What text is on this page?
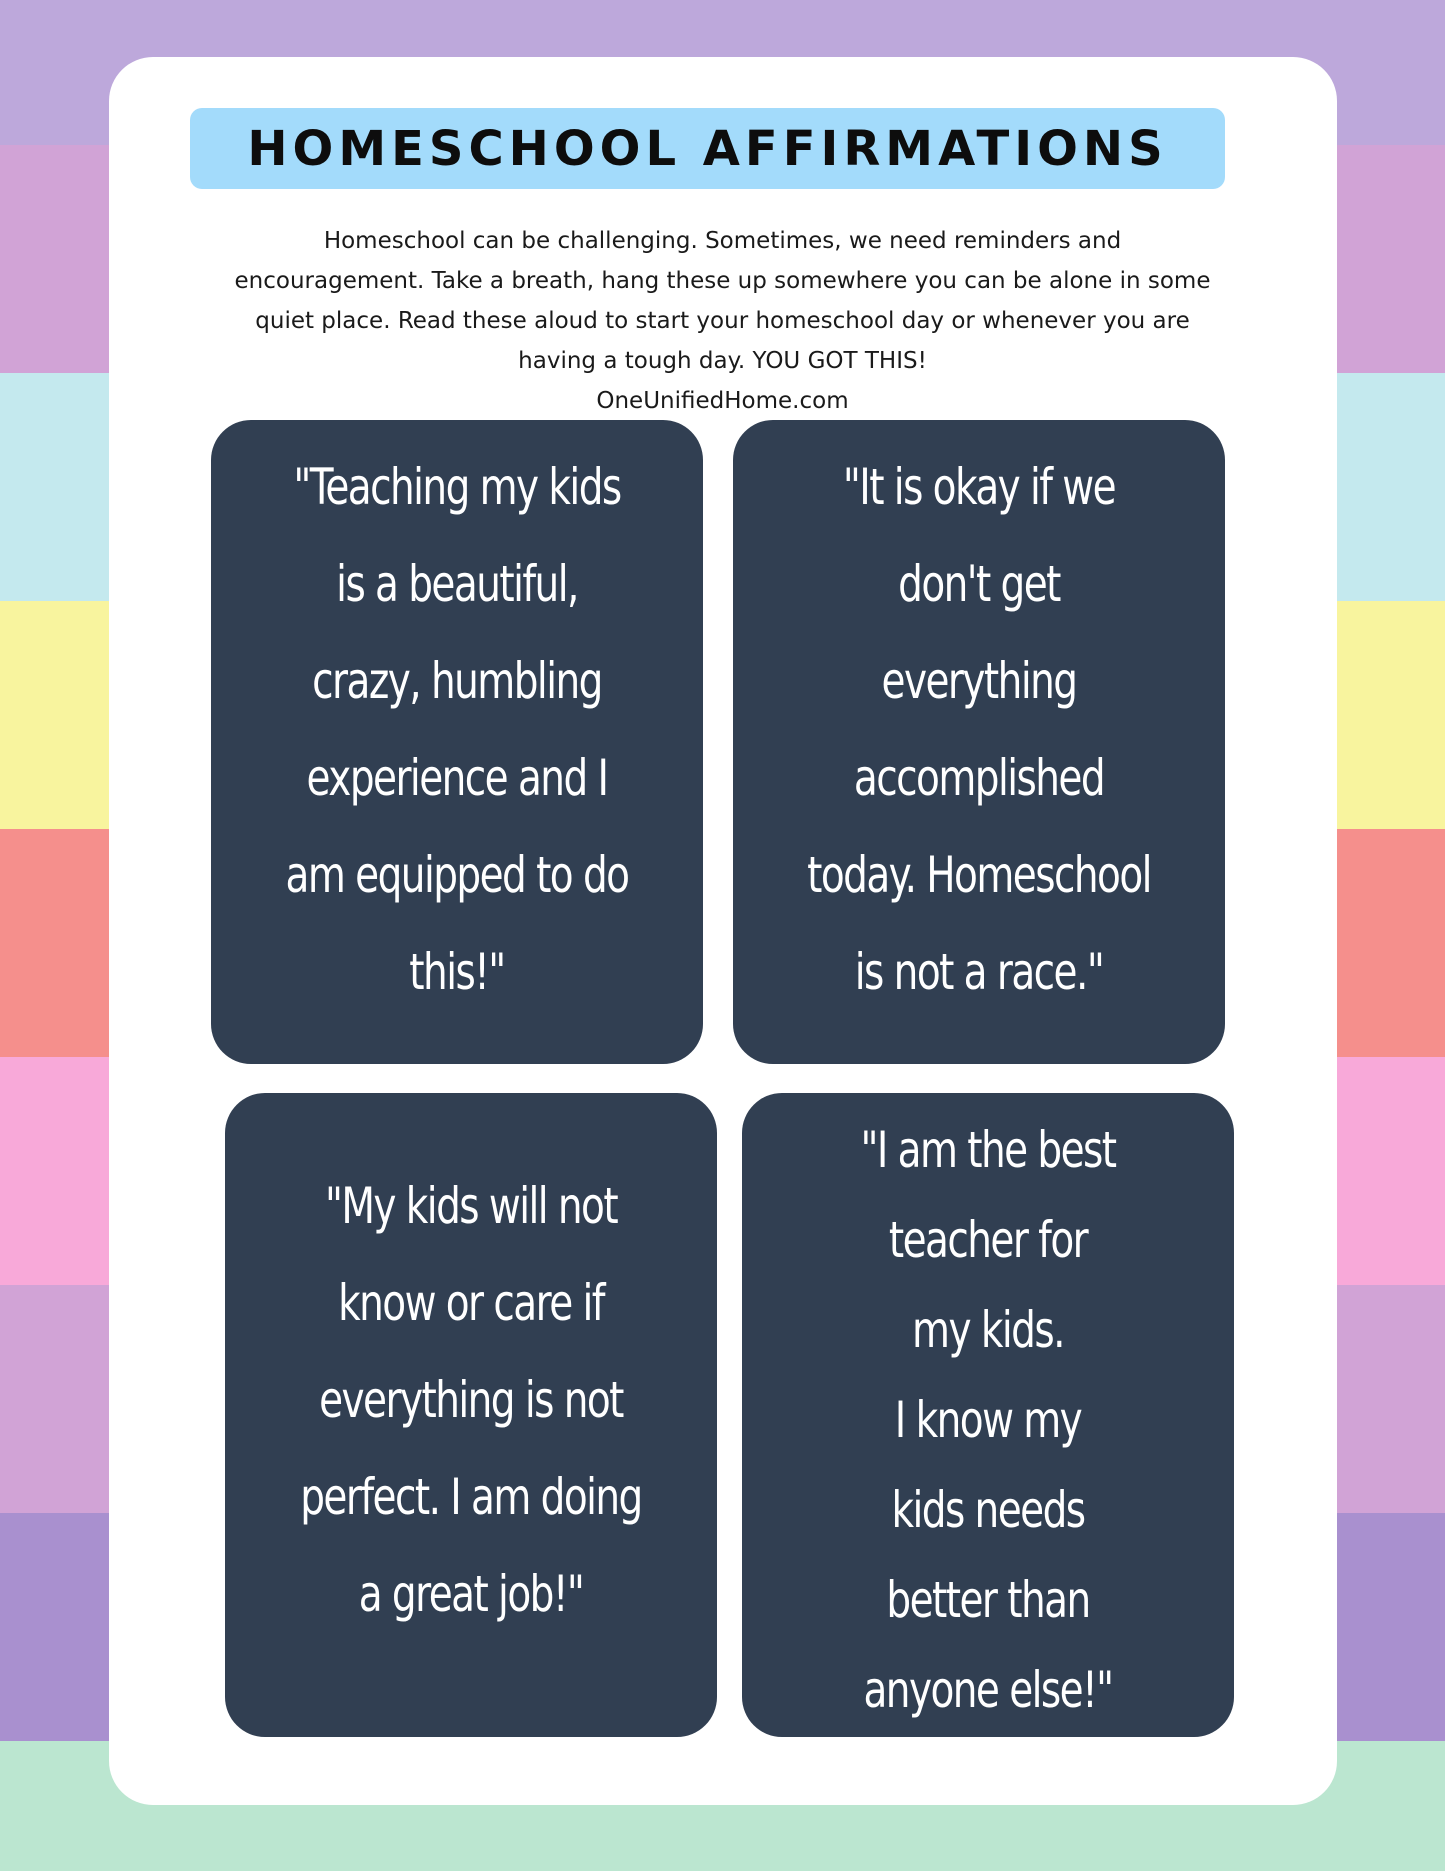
HOMESCHOOL AFFIRMATIONS
Homeschool can be challenging. Sometimes, we need reminders and
encouragement. Take a breath, hang these up somewhere you can be alone in some
quiet place. Read these aloud to start your homeschool day or whenever you are
having a tough day. YOU GOT THIS!
OneUnifiedHome.com
"Teaching my kids
is a beautiful,
crazy, humbling
experience and I
am equipped to do
this!"
"It is okay if we
don't get
everything
accomplished
today. Homeschool
is not a race."
"My kids will not
know or care if
everything is not
perfect. I am doing
a great job!"
"I am the best
teacher for
my kids.
I know my
kids needs
better than
anyone else!"
